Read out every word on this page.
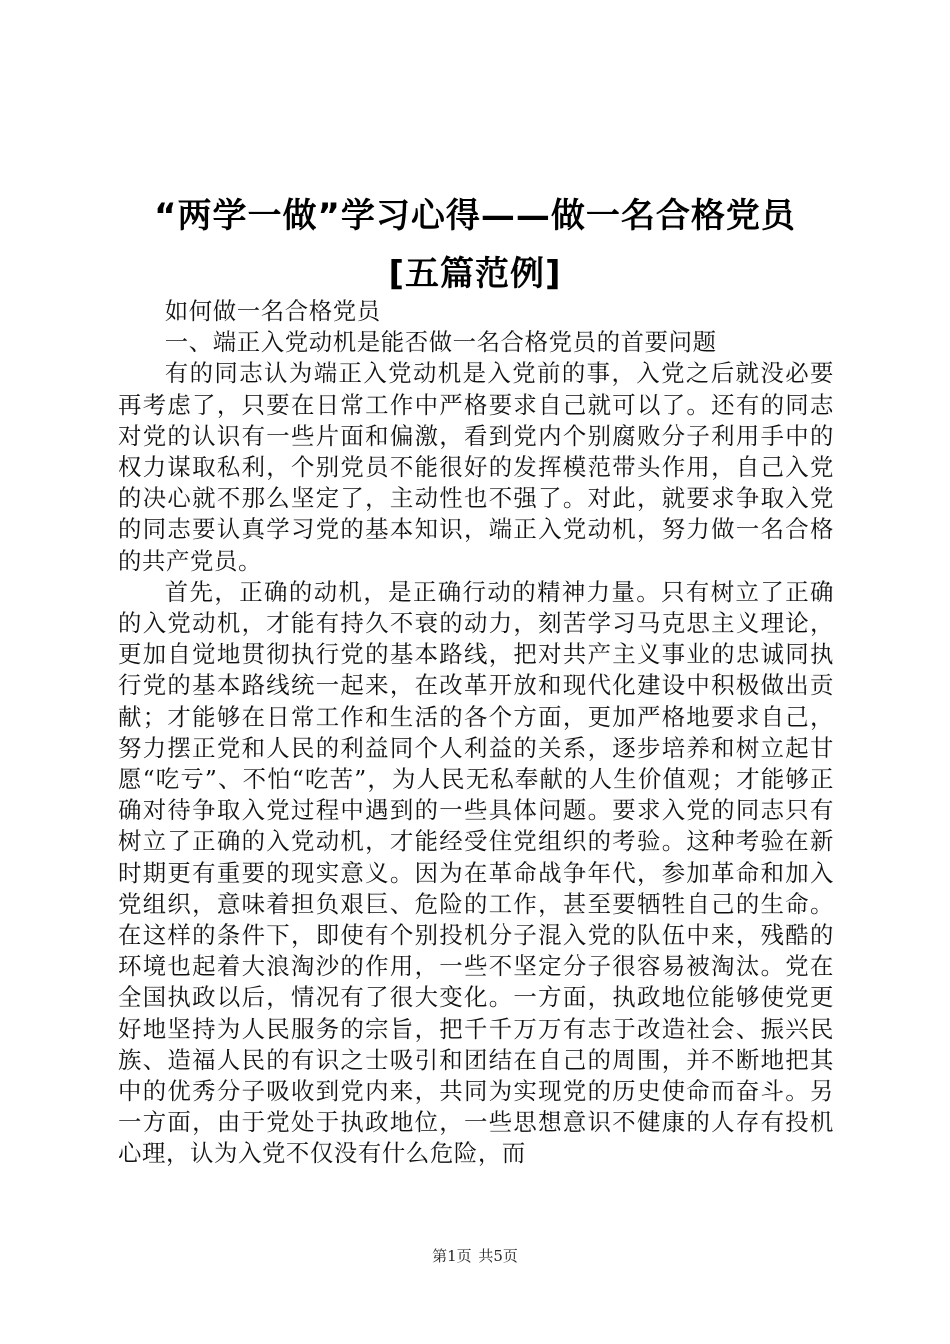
“两学一做”学习心得——做一名合格党员
[五篇范例]

如何做一名合格党员

一、端正入党动机是能否做一名合格党员的首要问题

有的同志认为端正入党动机是入党前的事，入党之后就没必要再考虑了，只要在日常工作中严格要求自己就可以了。还有的同志对党的认识有一些片面和偏激，看到党内个别腐败分子利用手中的权力谋取私利，个别党员不能很好的发挥模范带头作用，自己入党的决心就不那么坚定了，主动性也不强了。对此，就要求争取入党的同志要认真学习党的基本知识，端正入党动机，努力做一名合格的共产党员。

首先，正确的动机，是正确行动的精神力量。只有树立了正确的入党动机，才能有持久不衰的动力，刻苦学习马克思主义理论，更加自觉地贯彻执行党的基本路线，把对共产主义事业的忠诚同执行党的基本路线统一起来，在改革开放和现代化建设中积极做出贡献；才能够在日常工作和生活的各个方面，更加严格地要求自己，努力摆正党和人民的利益同个人利益的关系，逐步培养和树立起甘愿“吃亏”、不怕“吃苦”，为人民无私奉献的人生价值观；才能够正确对待争取入党过程中遇到的一些具体问题。要求入党的同志只有树立了正确的入党动机，才能经受住党组织的考验。这种考验在新时期更有重要的现实意义。因为在革命战争年代，参加革命和加入党组织，意味着担负艰巨、危险的工作，甚至要牺牲自己的生命。在这样的条件下，即使有个别投机分子混入党的队伍中来，残酷的环境也起着大浪淘沙的作用，一些不坚定分子很容易被淘汰。党在全国执政以后，情况有了很大变化。一方面，执政地位能够使党更好地坚持为人民服务的宗旨，把千千万万有志于改造社会、振兴民族、造福人民的有识之士吸引和团结在自己的周围，并不断地把其中的优秀分子吸收到党内来，共同为实现党的历史使命而奋斗。另一方面，由于党处于执政地位，一些思想意识不健康的人存有投机心理，认为入党不仅没有什么危险，而

第1页 共5页
